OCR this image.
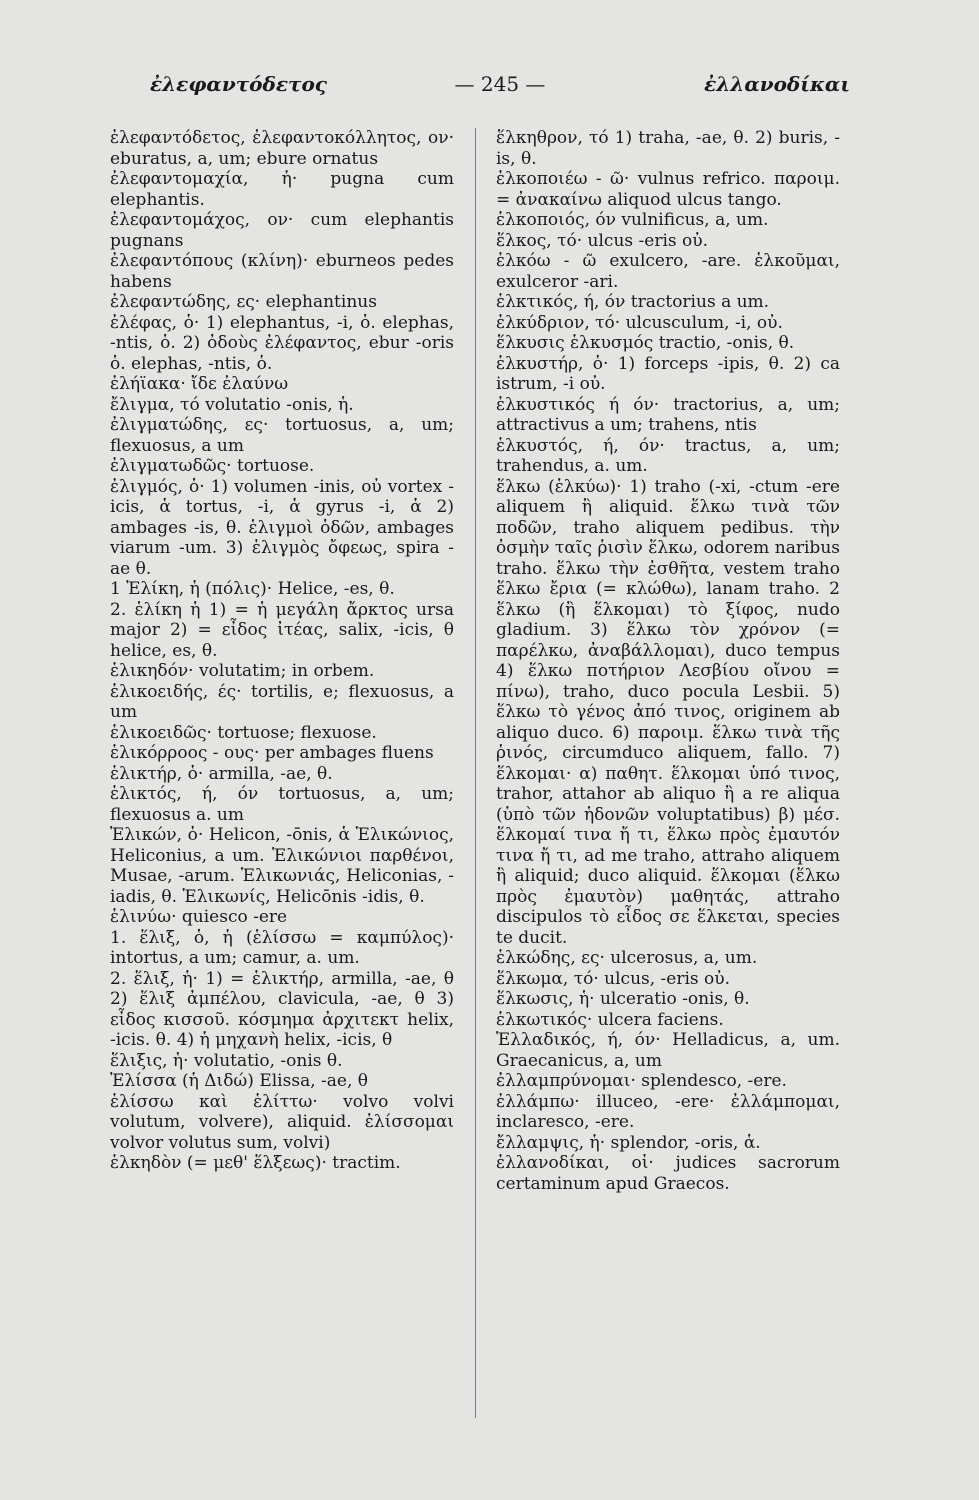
ἐλεφαντόδετος	— 245 —	ἐλλανοδίκαι
ἐλεφαντόδετος, ἐλεφαντοκόλλητος, ον· eburatus, a, um; ebure ornatus
ἐλεφαντομαχία, ἡ· pugna cum elephantis.
ἐλεφαντομάχος, ον· cum elephantis pugnans
ἐλεφαντόπους (κλίνη)· eburneos pedes habens
ἐλεφαντώδης, ες· elephantinus
ἐλέφας, ὁ· 1) elephantus, -i, ὁ. elephas, -ntis, ὁ. 2) ὀδοὺς ἐλέφαντος, ebur -oris ὁ. elephas, -ntis, ὁ.
ἐλήϊακα· ἴδε ἐλαύνω
ἔλιγμα, τό volutatio -onis, ἡ.
ἐλιγματώδης, ες· tortuosus, a, um; flexuosus, a um
ἐλιγματωδῶς· tortuose.
ἐλιγμός, ὁ· 1) volumen -inis, οὐ vortex -icis, ἁ tortus, -i, ἁ gyrus -i, ἁ 2) ambages -is, θ. ἑλιγμοὶ ὁδῶν, ambages viarum -um. 3) ἑλιγμὸς ὄφεως, spira -ae θ.
1 Ἑλίκη, ἡ (πόλις)· Helice, -es, θ.
2. ἑλίκη ἡ 1) = ἡ μεγάλη ἄρκτος ursa major 2) = εἶδος ἰτέας, salix, -icis, θ helice, es, θ.
ἑλικηδόν· volutatim; in orbem.
ἑλικοειδής, ές· tortilis, e; flexuosus, a um
ἑλικοειδῶς· tortuose; flexuose.
ἑλικόρροος - ους· per ambages fluens
ἑλικτήρ, ὁ· armilla, -ae, θ.
ἑλικτός, ή, όν tortuosus, a, um; flexuosus a. um
Ἑλικών, ὁ· Helicon, -ōnis, ἁ Ἑλικώνιος, Heliconius, a um. Ἑλικώνιοι παρθένοι, Musae, -arum. Ἑλικωνιάς, Heliconias, -iadis, θ. Ἑλικωνίς, Helicōnis -idis, θ.
ἑλινύω· quiesco -ere
1. ἕλιξ, ὁ, ἡ (ἑλίσσω = καμπύλος)· intortus, a um; camur, a. um.
2. ἕλιξ, ἡ· 1) = ἑλικτήρ, armilla, -ae, θ 2) ἕλιξ ἀμπέλου, clavicula, -ae, θ 3) εἶδος κισσοῦ. κόσμημα ἀρχιτεκτ helix, -icis. θ. 4) ἡ μηχανὴ helix, -icis, θ
ἕλιξις, ἡ· volutatio, -onis θ.
Ἐλίσσα (ἡ Διδώ) Elissa, -ae, θ
ἑλίσσω καὶ ἑλίττω· volvo volvi volutum, volvere), aliquid. ἑλίσσομαι volvor volutus sum, volvi)
ἑλκηδὸν (= μεθ' ἕλξεως)· tractim.
ἕλκηθρον, τό 1) traha, -ae, θ. 2) buris, -is, θ.
ἑλκοποιέω - ῶ· vulnus refrico. παροιμ. = ἀνακαίνω aliquod ulcus tango.
ἑλκοποιός, όν vulnificus, a, um.
ἕλκος, τό· ulcus -eris οὐ.
ἑλκόω - ῶ exulcero, -are. ἑλκοῦμαι, exulceror -ari.
ἑλκτικός, ή, όν tractorius a um.
ἑλκύδριον, τό· ulcusculum, -i, οὐ.
ἕλκυσις ἑλκυσμός tractio, -onis, θ.
ἑλκυστήρ, ὁ· 1) forceps -ipis, θ. 2) ca istrum, -i οὐ.
ἑλκυστικός ή όν· tractorius, a, um; attractivus a um; trahens, ntis
ἑλκυστός, ή, όν· tractus, a, um; trahendus, a. um.
ἕλκω (ἑλκύω)· 1) traho (-xi, -ctum -ere aliquem ἢ aliquid. ἕλκω τινὰ τῶν ποδῶν, traho aliquem pedibus. τὴν ὀσμὴν ταῖς ῥισὶν ἕλκω, odorem naribus traho. ἕλκω τὴν ἐσθῆτα, vestem traho ἕλκω ἔρια (= κλώθω), lanam traho. 2 ἕλκω (ἢ ἕλκομαι) τὸ ξίφος, nudo gladium. 3) ἕλκω τὸν χρόνον (= παρέλκω, ἀναβάλλομαι), duco tempus 4) ἕλκω ποτήριον Λεσβίου οἴνου = πίνω), traho, duco pocula Lesbii. 5) ἕλκω τὸ γένος ἀπό τινος, originem ab aliquo duco. 6) παροιμ. ἕλκω τινὰ τῆς ῥινός, circumduco aliquem, fallo. 7) ἕλκομαι· α) παθητ. ἕλκομαι ὑπό τινος, trahor, attahor ab aliquo ἢ a re aliqua (ὑπὸ τῶν ἡδονῶν voluptatibus) β) μέσ. ἕλκομαί τινα ἤ τι, ἕλκω πρὸς ἐμαυτόν τινα ἤ τι, ad me traho, attraho aliquem ἢ aliquid; duco aliquid. ἕλκομαι (ἕλκω πρὸς ἐμαυτὸν) μαθητάς, attraho discipulos τὸ εἶδος σε ἕλκεται, species te ducit.
ἑλκώδης, ες· ulcerosus, a, um.
ἕλκωμα, τό· ulcus, -eris οὐ.
ἕλκωσις, ἡ· ulceratio -onis, θ.
ἑλκωτικός· ulcera faciens.
Ἑλλαδικός, ή, όν· Helladicus, a, um. Graecanicus, a, um
ἐλλαμπρύνομαι· splendesco, -ere.
ἐλλάμπω· illuceo, -ere· ἐλλάμπομαι, inclaresco, -ere.
ἔλλαμψις, ἡ· splendor, -oris, ἁ.
ἑλλανοδίκαι, οἱ· judices sacrorum certaminum apud Graecos.
